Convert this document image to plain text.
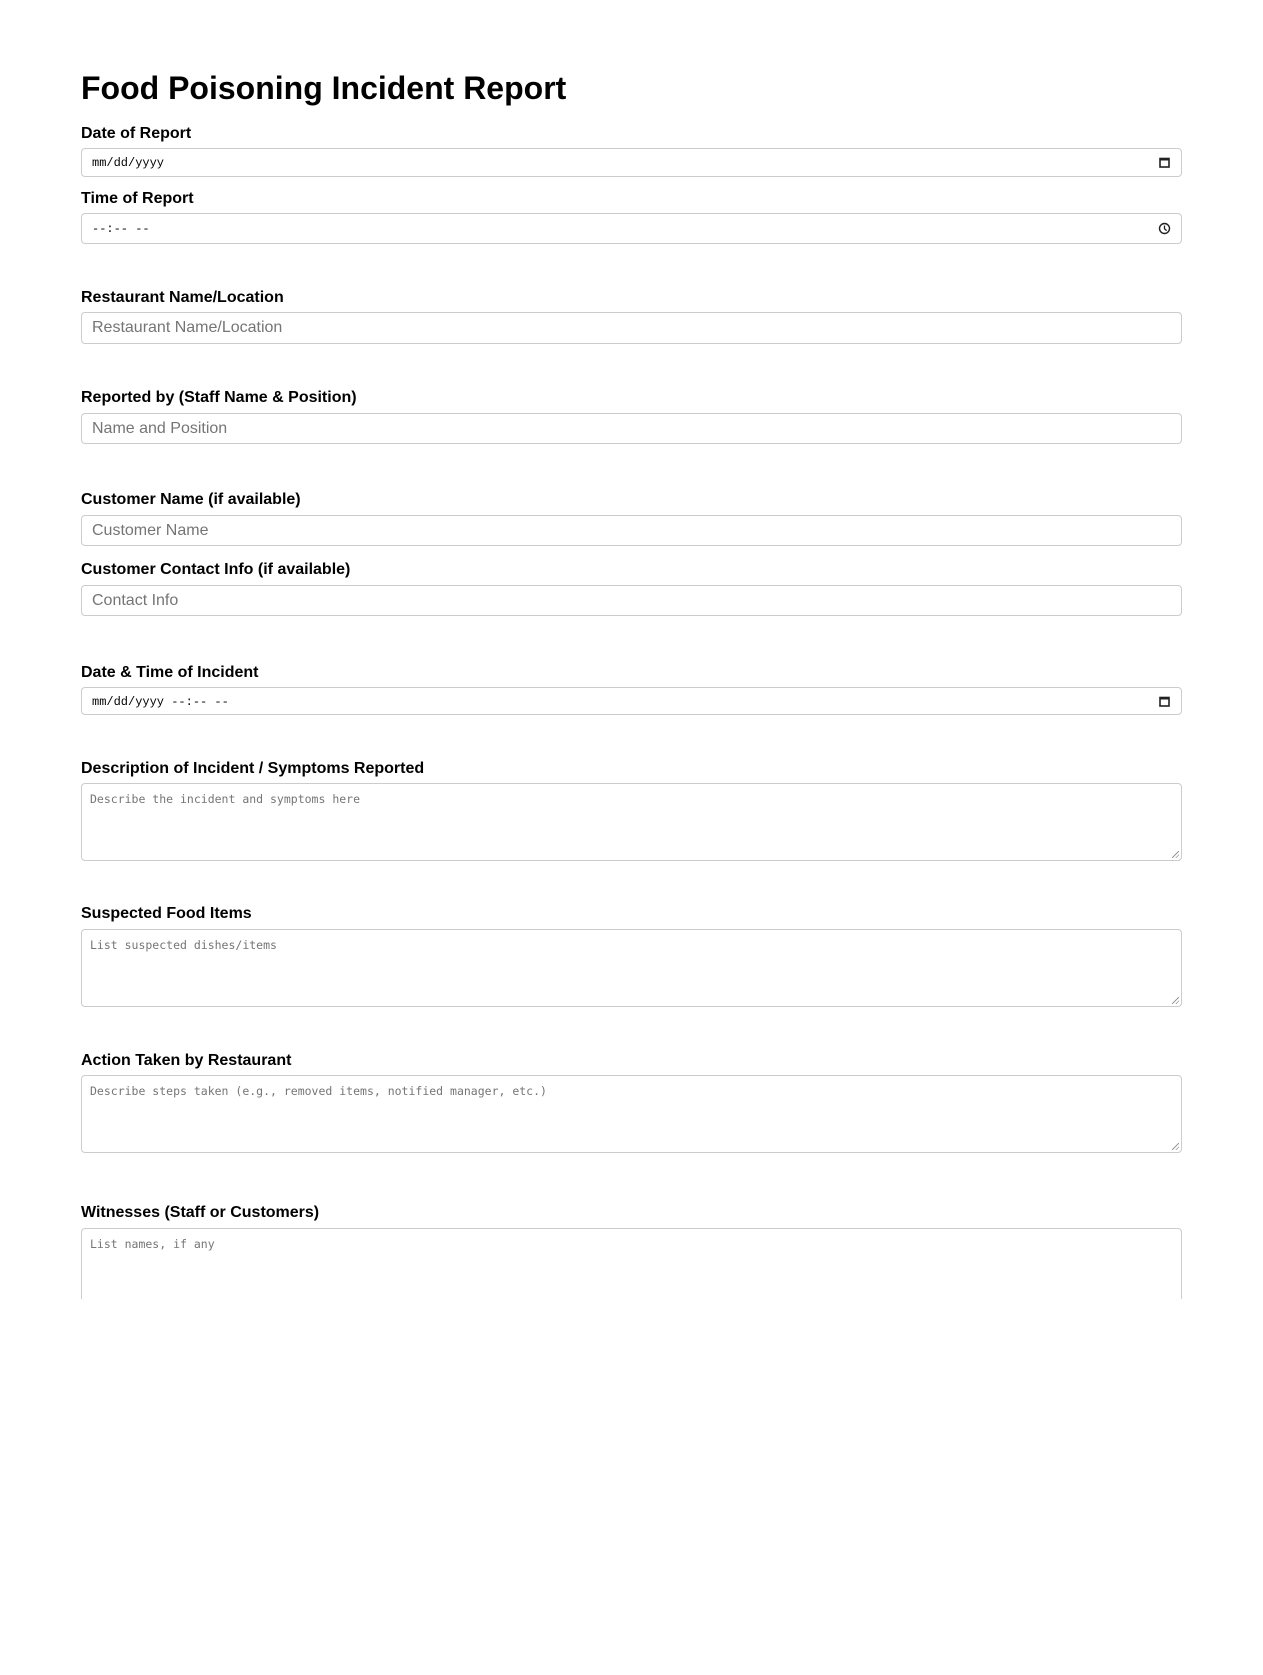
Food Poisoning Incident Report
Date of Report
mm/dd/yyyy
Time of Report
--:-- --
Restaurant Name/Location
Restaurant Name/Location
Reported by (Staff Name & Position)
Name and Position
Customer Name (if available)
Customer Name
Customer Contact Info (if available)
Contact Info
Date & Time of Incident
mm/dd/yyyy --:-- --
Description of Incident / Symptoms Reported
Describe the incident and symptoms here
Suspected Food Items
List suspected dishes/items
Action Taken by Restaurant
Describe steps taken (e.g., removed items, notified manager, etc.)
Witnesses (Staff or Customers)
List names, if any
